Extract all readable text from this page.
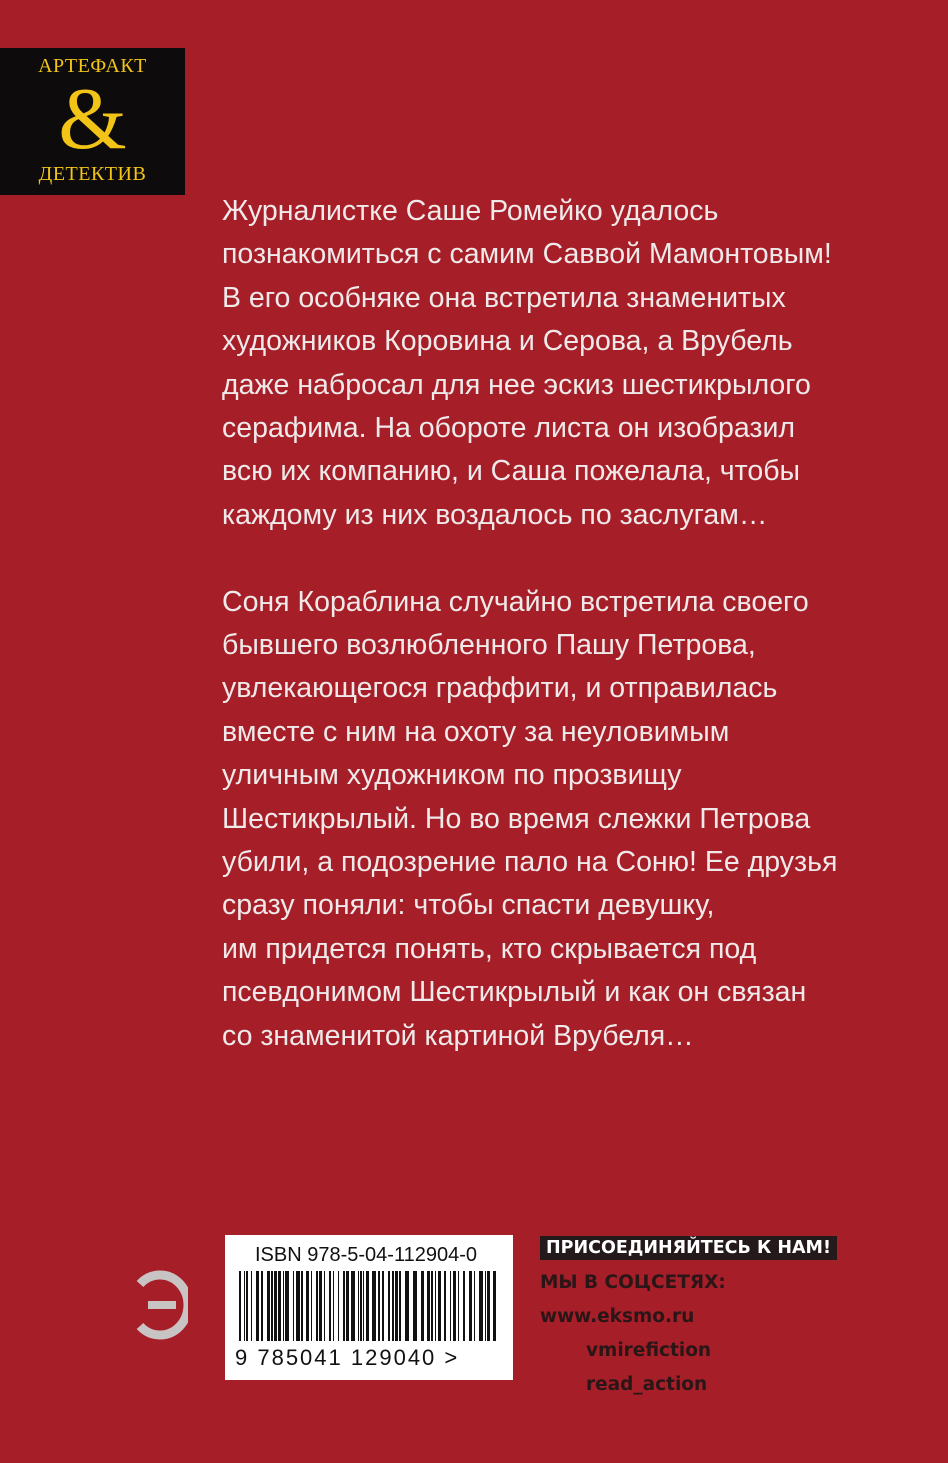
АРТЕФАКТ
&
ДЕТЕКТИВ

Журналистке Саше Ромейко удалось
познакомиться с самим Саввой Мамонтовым!
В его особняке она встретила знаменитых
художников Коровина и Серова, а Врубель
даже набросал для нее эскиз шестикрылого
серафима. На обороте листа он изобразил
всю их компанию, и Саша пожелала, чтобы
каждому из них воздалось по заслугам…

Соня Кораблина случайно встретила своего
бывшего возлюбленного Пашу Петрова,
увлекающегося граффити, и отправилась
вместе с ним на охоту за неуловимым
уличным художником по прозвищу
Шестикрылый. Но во время слежки Петрова
убили, а подозрение пало на Соню! Ее друзья
сразу поняли: чтобы спасти девушку,
им придется понять, кто скрывается под
псевдонимом Шестикрылый и как он связан
со знаменитой картиной Врубеля…

ISBN 978-5-04-112904-0
9 785041 129040 >
ПРИСОЕДИНЯЙТЕСЬ К НАМ!
МЫ В СОЦСЕТЯХ:
www.eksmo.ru
vmirefiction
read_action
